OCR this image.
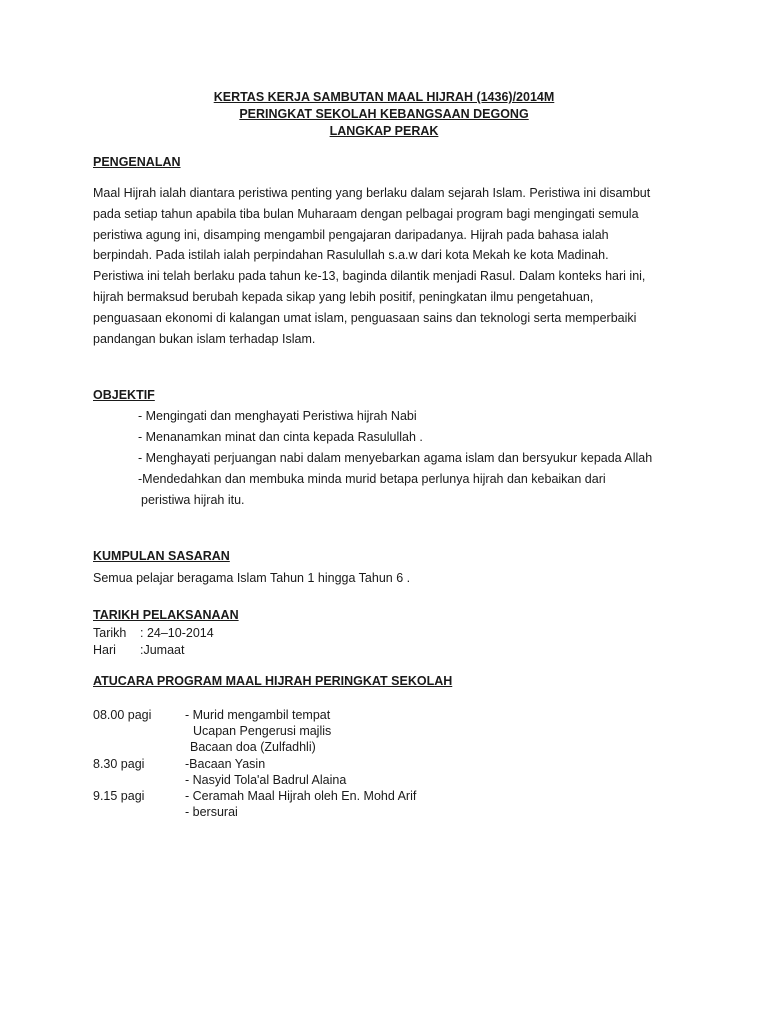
KERTAS KERJA SAMBUTAN MAAL HIJRAH (1436)/2014M
PERINGKAT SEKOLAH KEBANGSAAN DEGONG
LANGKAP PERAK
PENGENALAN
Maal Hijrah ialah diantara peristiwa penting yang berlaku dalam sejarah Islam. Peristiwa ini disambut
pada setiap tahun apabila tiba bulan Muharaam dengan pelbagai program bagi mengingati semula
peristiwa agung ini, disamping mengambil pengajaran daripadanya. Hijrah pada bahasa ialah
berpindah. Pada istilah ialah perpindahan Rasulullah s.a.w dari kota Mekah ke kota Madinah.
Peristiwa ini telah berlaku pada tahun ke-13, baginda dilantik menjadi Rasul. Dalam konteks hari ini,
hijrah bermaksud berubah kepada sikap yang lebih positif, peningkatan ilmu pengetahuan,
penguasaan ekonomi di kalangan umat islam, penguasaan sains dan teknologi serta memperbaiki
pandangan bukan islam terhadap Islam.
OBJEKTIF
- Mengingati dan menghayati Peristiwa hijrah Nabi
- Menanamkan minat dan cinta kepada Rasulullah .
- Menghayati perjuangan nabi dalam menyebarkan agama islam dan bersyukur kepada Allah
-Mendedahkan dan membuka minda murid betapa perlunya hijrah dan kebaikan dari
peristiwa hijrah itu.
KUMPULAN SASARAN
Semua pelajar beragama Islam Tahun 1 hingga Tahun 6 .
TARIKH PELAKSANAAN
Tarikh : 24–10-2014
Hari :Jumaat
ATUCARA PROGRAM MAAL HIJRAH PERINGKAT SEKOLAH
08.00 pagi	- Murid mengambil tempat
Ucapan Pengerusi majlis
Bacaan doa (Zulfadhli)
8.30 pagi	-Bacaan Yasin
- Nasyid Tola'al Badrul Alaina
9.15 pagi	- Ceramah Maal Hijrah oleh En. Mohd Arif
- bersurai
